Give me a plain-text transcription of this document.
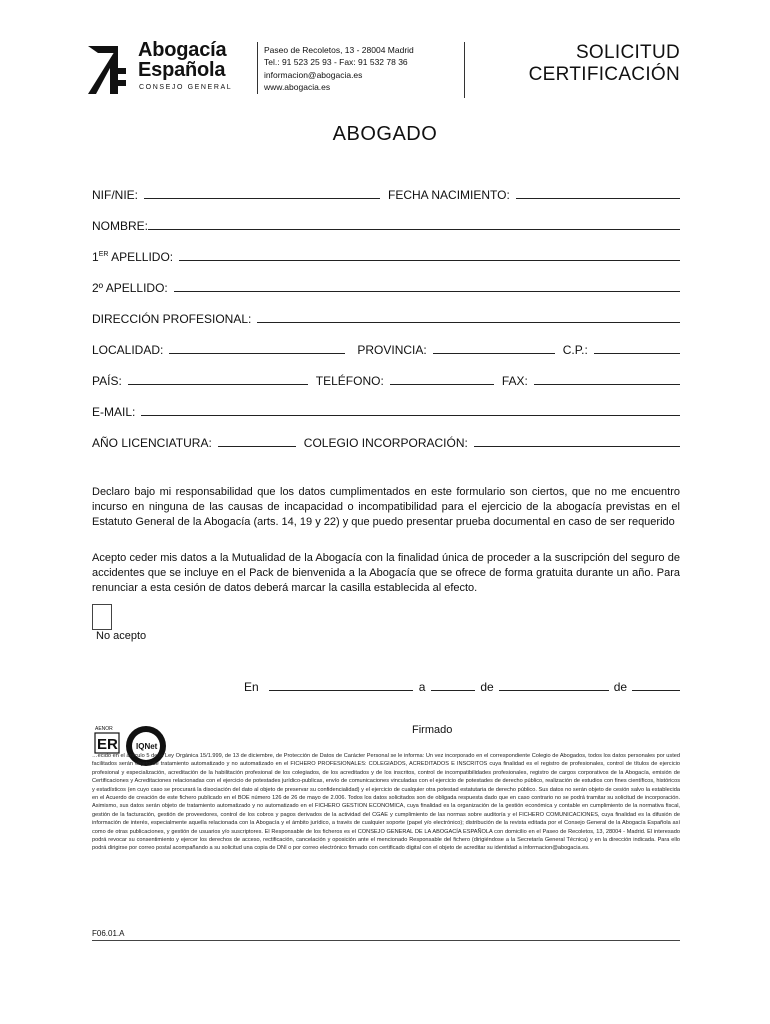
Abogacía
Española
CONSEJO GENERAL
Paseo de Recoletos, 13 - 28004 Madrid
Tel.: 91 523 25 93 - Fax: 91 532 78 36
informacion@abogacia.es
www.abogacia.es
SOLICITUD
CERTIFICACIÓN
ABOGADO
NIF/NIE:	FECHA NACIMIENTO:
NOMBRE:
1ER APELLIDO:
2º APELLIDO:
DIRECCIÓN PROFESIONAL:
LOCALIDAD:	PROVINCIA:	C.P.:
PAÍS:	TELÉFONO:	FAX:
E-MAIL:
AÑO LICENCIATURA:	COLEGIO INCORPORACIÓN:
Declaro bajo mi responsabilidad que los datos cumplimentados en este formulario son ciertos, que no me encuentro incurso en ninguna de las causas de incapacidad o incompatibilidad para el ejercicio de la abogacía previstas en el Estatuto General de la Abogacía (arts. 14, 19 y 22) y que puedo presentar prueba documental en caso de ser requerido
Acepto ceder mis datos a la Mutualidad de la Abogacía con la finalidad única de proceder a la suscripción del seguro de accidentes que se incluye en el Pack de bienvenida a la Abogacía que se ofrece de forma gratuita durante un año. Para renunciar a esta cesión de datos deberá marcar la casilla establecida al efecto.
No acepto
En	a	de	de
Firmado
AENOR
ER IQNet
…ecido en el artículo 5 de la Ley Orgánica 15/1.999, de 13 de diciembre, de Protección de Datos de Carácter Personal se le informa: Un vez incorporado en el correspondiente Colegio de Abogados, todos los datos personales por usted facilitados serán objeto de tratamiento automatizado y no automatizado en el FICHERO PROFESIONALES: COLEGIADOS, ACREDITADOS E INSCRITOS cuya finalidad es el registro de profesionales, control de títulos de ejercicio profesional y especialización, acreditación de la habilitación profesional de los colegiados, de los acreditados y de los inscritos, control de incompatibilidades profesionales, registro de cargos corporativos de la Abogacía, emisión de Certificaciones y Acreditaciones relacionadas con el ejercicio de potestades jurídico-publicas, envío de comunicaciones vinculadas con el ejercicio de potestades de derecho público, realización de estudios con fines científicos, históricos y estadísticos (en cuyo caso se procurará la disociación del dato al objeto de preservar su confidencialidad) y el ejercicio de cualquier otra potestad estatutaria de derecho público. Sus datos no serán objeto de cesión salvo la establecida en el Acuerdo de creación de este fichero publicado en el BOE número 126 de 26 de mayo de 2.006. Todos los datos solicitados son de obligada respuesta dado que en caso contrario no se podrá tramitar su solicitud de incorporación. Asimismo, sus datos serán objeto de tratamiento automatizado y no automatizado en el FICHERO GESTION ECONOMICA, cuya finalidad es la organización de la gestión económica y contable en cumplimiento de la normativa fiscal, gestión de la facturación, gestión de proveedores, control de los cobros y pagos derivados de la actividad del CGAE y cumplimiento de las normas sobre auditoría y el FICHERO COMUNICACIONES, cuya finalidad es la difusión de información de interés, especialmente aquella relacionada con la Abogacía y el ámbito jurídico, a través de cualquier soporte (papel y/o electrónico); distribución de la revista editada por el Consejo General de la Abogacía Española así como de otras publicaciones, y gestión de usuarios y/o suscriptores. El Responsable de los ficheros es el CONSEJO GENERAL DE LA ABOGACÍA ESPAÑOLA con domicilio en el Paseo de Recoletos, 13, 28004 - Madrid. El interesado podrá revocar su consentimiento y ejercer los derechos de acceso, rectificación, cancelación y oposición ante el mencionado Responsable del fichero (dirigiéndose a la Secretaría General Técnica) y en la dirección indicada. Para ello podrá dirigirse por correo postal acompañando a su solicitud una copia de DNI o por correo electrónico firmado con certificado digital con el objeto de acreditar su identidad a informacion@abogacia.es.
F06.01.A
